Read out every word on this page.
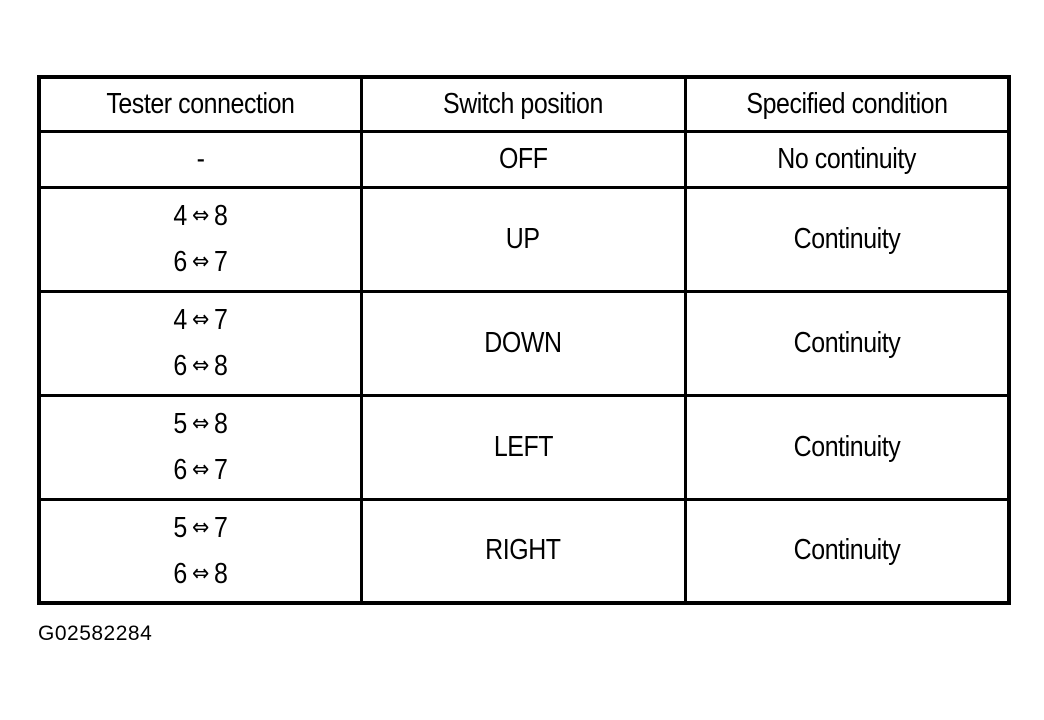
Tester connection	Switch position	Specified condition
-	OFF	No continuity

4 ⇔ 8
6 ⇔ 7	UP	Continuity

4 ⇔ 7
6 ⇔ 8	DOWN	Continuity

5 ⇔ 8
6 ⇔ 7	LEFT	Continuity

5 ⇔ 7
6 ⇔ 8	RIGHT	Continuity
G02582284
